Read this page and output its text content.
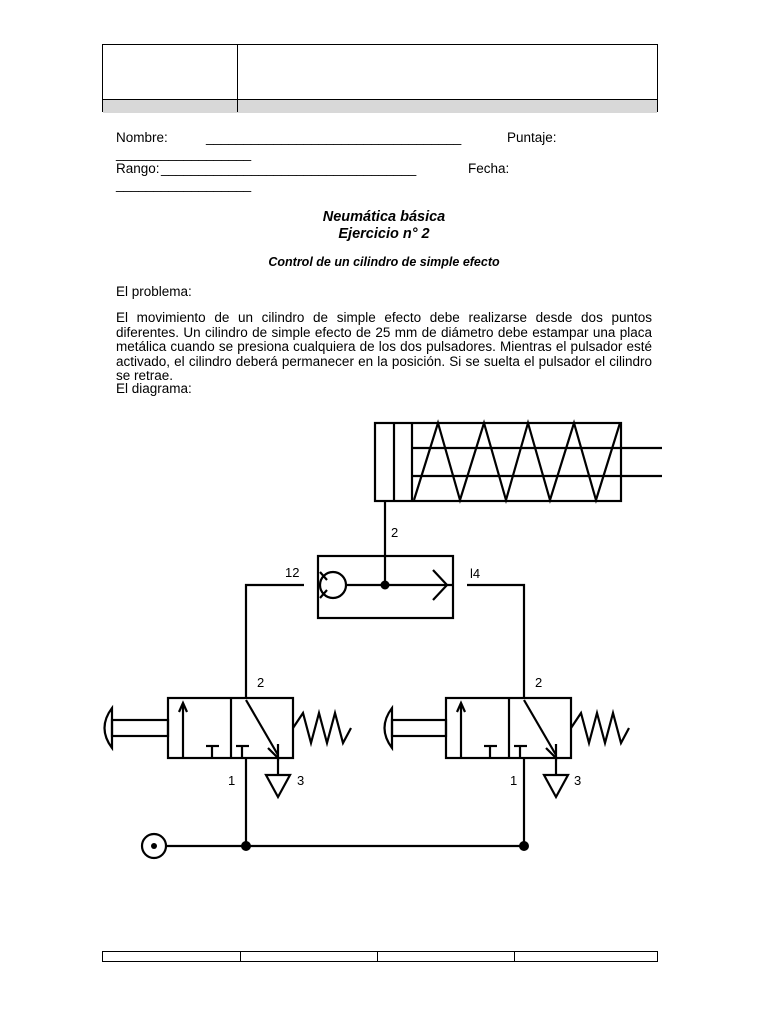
Nombre:	__________________________________	Puntaje:
__________________
Rango: __________________________________	Fecha:
__________________
Neumática básica
Ejercicio n° 2
Control de un cilindro de simple efecto
El problema:
El movimiento de un cilindro de simple efecto debe realizarse desde dos puntos diferentes. Un cilindro de simple efecto de 25 mm de diámetro debe estampar una placa metálica cuando se presiona cualquiera de los dos pulsadores. Mientras el pulsador esté activado, el cilindro deberá permanecer en la posición. Si se suelta el pulsador el cilindro se retrae.
El diagrama:
2
12	l4
2
1	3
2
1	3
